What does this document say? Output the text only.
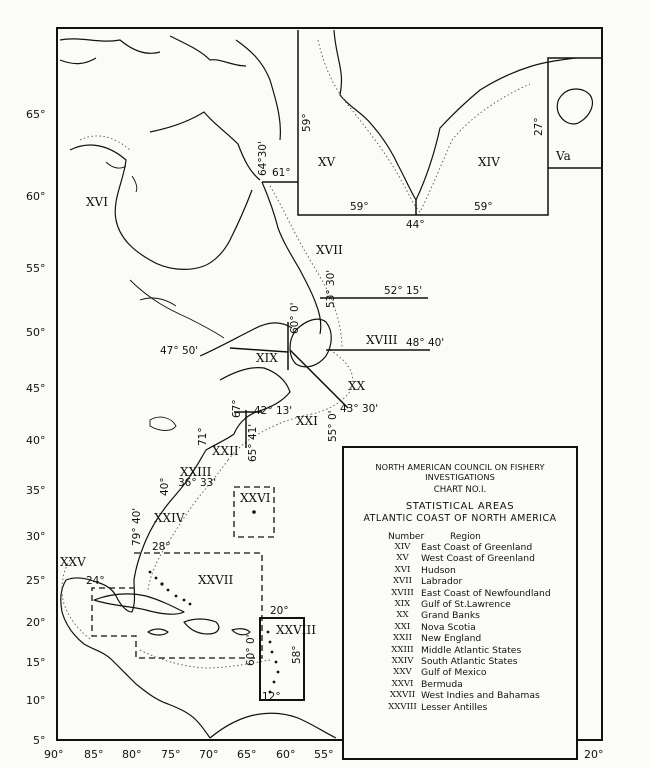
65°
60°
55°
50°
45°
40°
35°
30°
25°
20°
15°
10°
5°
90° 85° 80° 75° 70° 65° 60° 55°	20°
XIV
XV	Va
XVI
XVII
XVIII
XIX
XX
XXI
XXII
XXIII
XXIV
XXV
XXVI
XXVII
XXVIII
64°30' 61°
59°	27°
59°	59°
44°
53° 30'	52° 15'
60° 0'
48° 40'
47° 50'
43° 30'
55° 0'
42° 13'
67°
65° 41'
71°
36° 33'
40°
79° 40'
28°
24°
20°
60° 0'	58°
12°
NORTH AMERICAN COUNCIL ON FISHERY INVESTIGATIONS
CHART NO.I.
STATISTICAL AREAS
ATLANTIC COAST OF NORTH AMERICA
Number	Region
XIV	East Coast of Greenland
XV	West Coast of Greenland
XVI	Hudson
XVII Labrador
XVIII East Coast of Newfoundland
XIX	Gulf of St.Lawrence
XX	Grand Banks
XXI	Nova Scotia
XXII New England
XXIII Middle Atlantic States
XXIV South Atlantic States
XXV	Gulf of Mexico
XXVI Bermuda
XXVII West Indies and Bahamas
XXVIII Lesser Antilles
